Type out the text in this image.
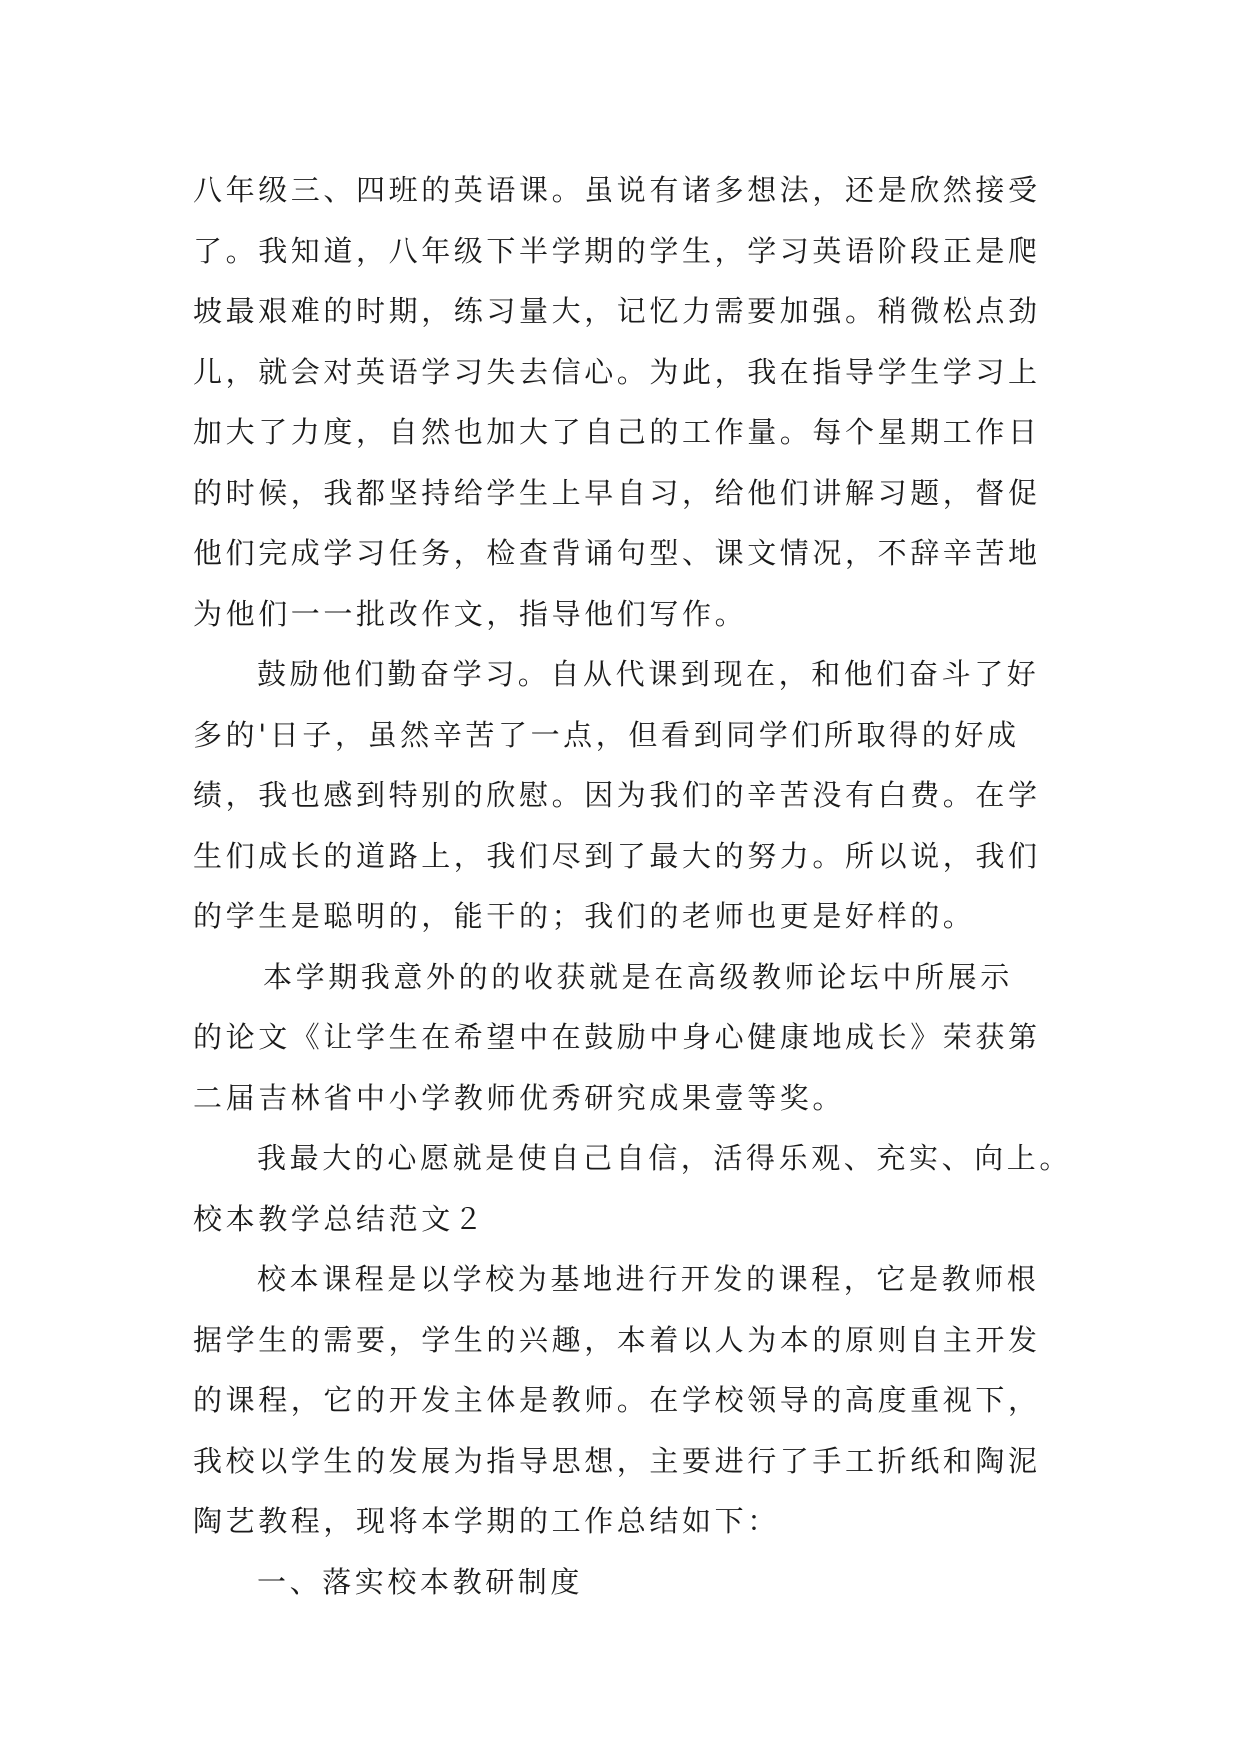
八年级三、四班的英语课。虽说有诸多想法，还是欣然接受
了。我知道，八年级下半学期的学生，学习英语阶段正是爬
坡最艰难的时期，练习量大，记忆力需要加强。稍微松点劲
儿，就会对英语学习失去信心。为此，我在指导学生学习上
加大了力度，自然也加大了自己的工作量。每个星期工作日
的时候，我都坚持给学生上早自习，给他们讲解习题，督促
他们完成学习任务，检查背诵句型、课文情况，不辞辛苦地
为他们一一批改作文，指导他们写作。
鼓励他们勤奋学习。自从代课到现在，和他们奋斗了好
多的'日子，虽然辛苦了一点，但看到同学们所取得的好成
绩，我也感到特别的欣慰。因为我们的辛苦没有白费。在学
生们成长的道路上，我们尽到了最大的努力。所以说，我们
的学生是聪明的，能干的；我们的老师也更是好样的。
本学期我意外的的收获就是在高级教师论坛中所展示
的论文《让学生在希望中在鼓励中身心健康地成长》荣获第
二届吉林省中小学教师优秀研究成果壹等奖。
我最大的心愿就是使自己自信，活得乐观、充实、向上。
校本教学总结范文２
校本课程是以学校为基地进行开发的课程，它是教师根
据学生的需要，学生的兴趣，本着以人为本的原则自主开发
的课程，它的开发主体是教师。在学校领导的高度重视下，
我校以学生的发展为指导思想，主要进行了手工折纸和陶泥
陶艺教程，现将本学期的工作总结如下：
一、落实校本教研制度
